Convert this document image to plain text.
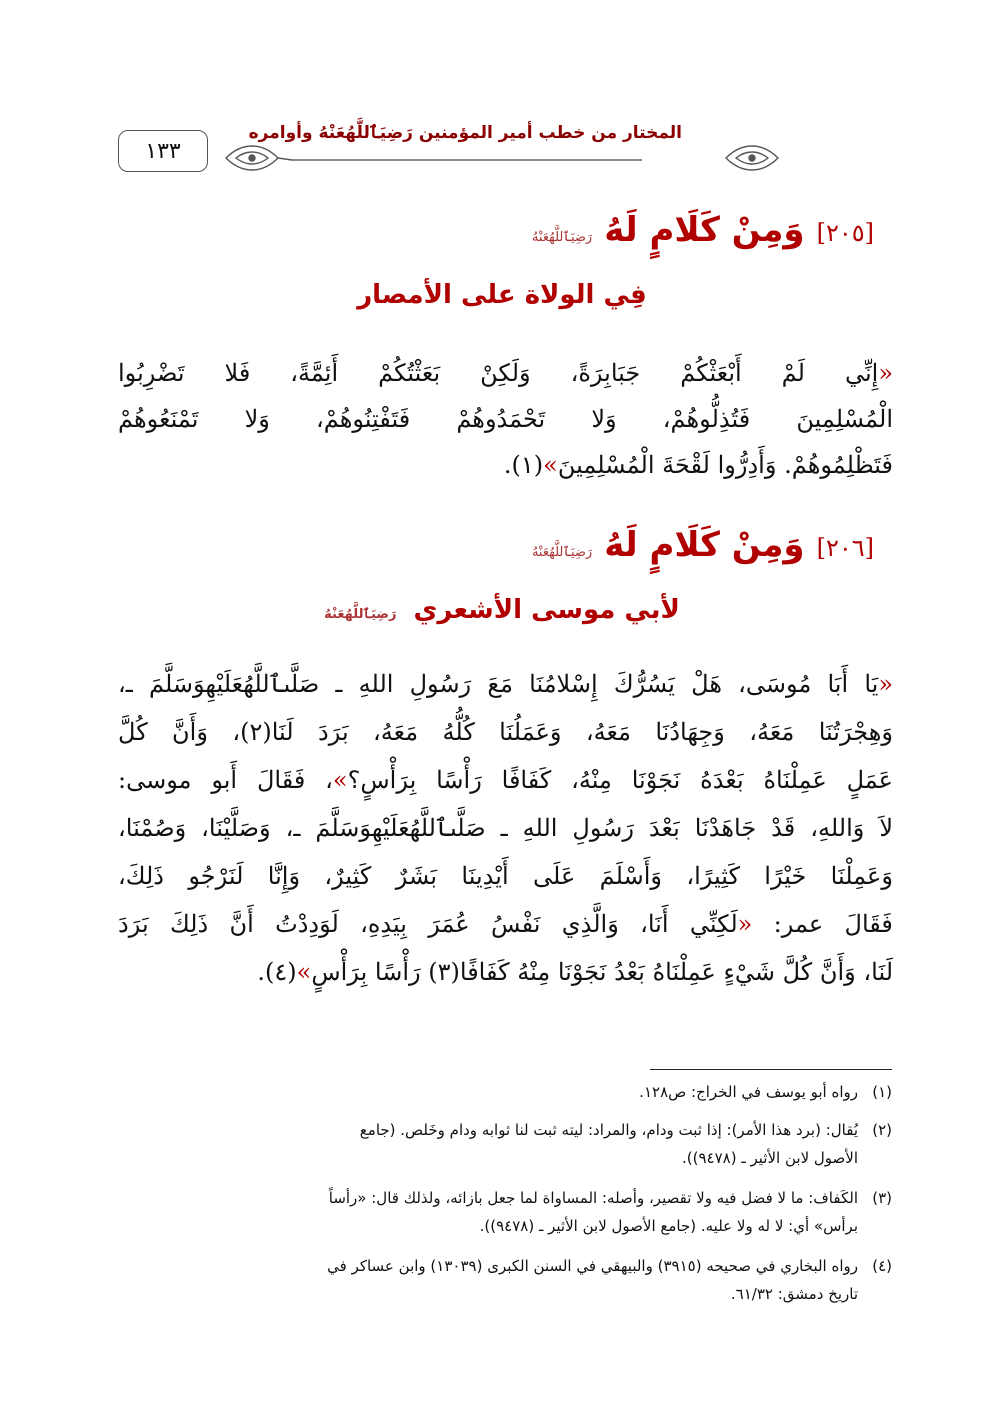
١٣٣
المختار من خطب أمير المؤمنين رَضِيَٱللَّهُعَنْهُ وأوامره
[٢٠٥]
وَمِنْ كَلَامٍ لَهُ
رَضِيَٱللَّهُعَنْهُ
فِي الولاة على الأمصار
«إني لم أبعثكم جبابرة، ولكن بعثتكم أئمة، فل تضربوا
المسلمين فتذلوهم، ول تحمدوهم فتفتنوهم، ول تمنعوهم
فتظلموهم. وأدروا لقحة المسلمين»(١).
[٢٠٦]
وَمِنْ كَلَامٍ لَهُ
رَضِيَٱللَّهُعَنْهُ
لأبي موسى الأشعري رَضِيَٱللَّهُعَنْهُ
«يا أبا موسى، هل يسرك إسلمنا مع رسول الله ـ صلىٱللهعليهوسلم ـ،
وهجرتنا معه، وجهادنا معه، وعملنا كله معه، برد لنا(٢)، وأن كل
عمل عملناه بعده نجونا منه، كفافا رأسا برأس؟»، فقال أبو موسى:
ل والله، قد جاهدنا بعد رسول الله ـ صلىٱللهعليهوسلم ـ، وصلينا، وصمنا،
وعملنا خيرا كثيرا، وأسلم على أيدينا بشر كثير، وإنا لنرجو ذلك،
فقال عمر: «لكني أنا، والذي نفس عمر بيده، لوددت أن ذلك برد
لنا، وأن كل شيء عملناه بعد نجونا منه كفافا(٣) رأسا برأس»(٤).
(١)رواه أبو يوسف في الخراج: ص١٢٨.
(٢)يُقال: (برد هذا الأمر): إذا ثبت ودام، والمراد: ليته ثبت لنا ثوابه ودام وخَلص. (جامع
الأصول لابن الأثير ـ (٩٤٧٨)).
(٣)الكَفاف: ما لا فضل فيه ولا تقصير، وأصله: المساواة لما جعل بازائه، ولذلك قال: «رأساً
برأس» أي: لا له ولا عليه. (جامع الأصول لابن الأثير ـ (٩٤٧٨)).
(٤)رواه البخاري في صحيحه (٣٩١٥) والبيهقي في السنن الكبرى (١٣٠٣٩) وابن عساكر في
تاريخ دمشق: ٦١/٣٢.
